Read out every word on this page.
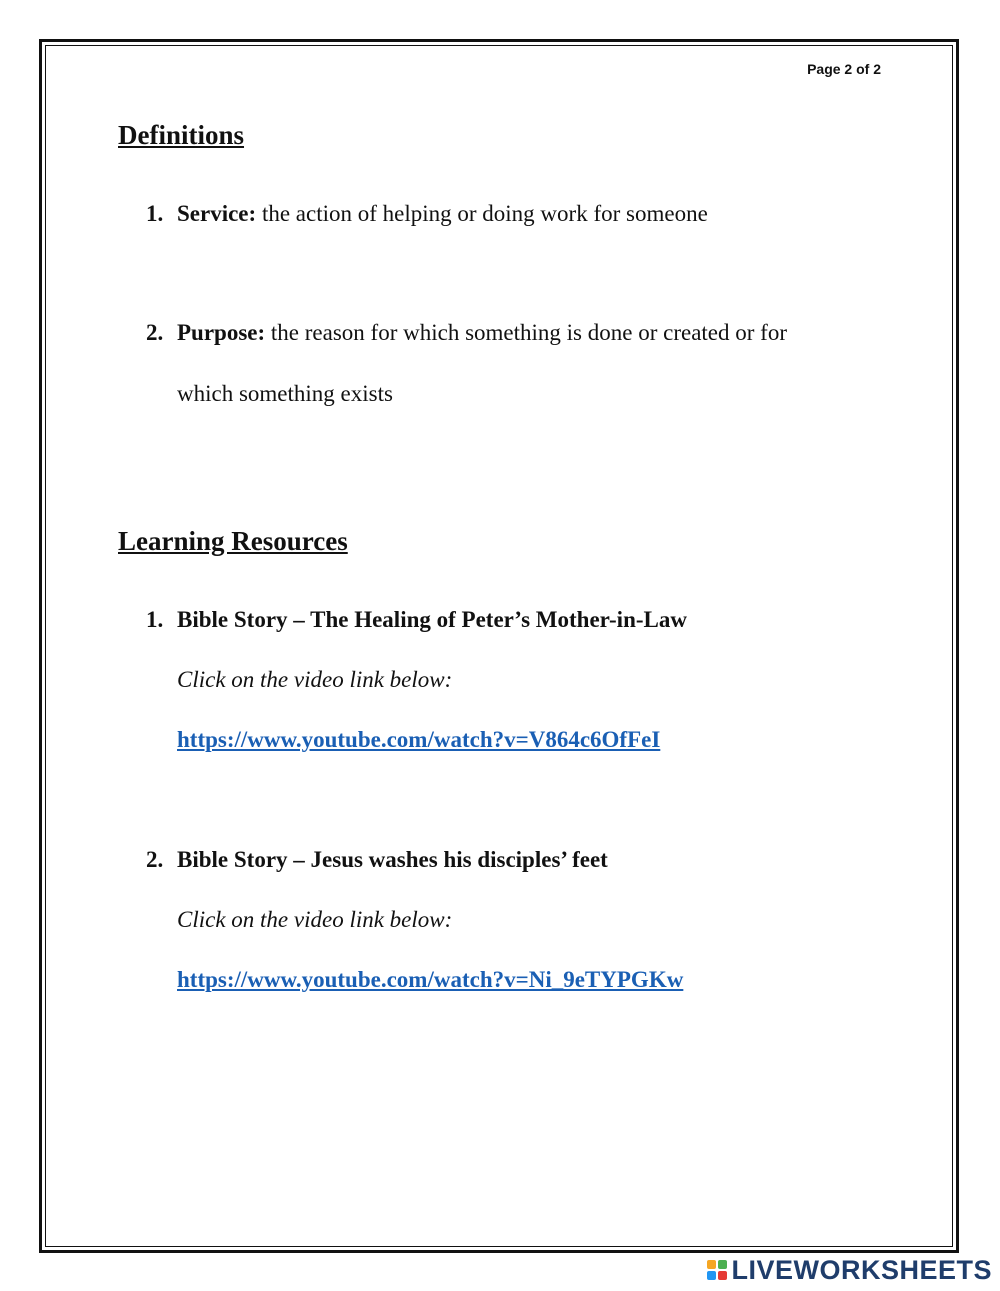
Page 2 of 2
Definitions
1. Service: the action of helping or doing work for someone
2. Purpose: the reason for which something is done or created or for
which something exists
Learning Resources
1. Bible Story – The Healing of Peter’s Mother-in-Law
Click on the video link below:
https://www.youtube.com/watch?v=V864c6OfFeI
2. Bible Story – Jesus washes his disciples’ feet
Click on the video link below:
https://www.youtube.com/watch?v=Ni_9eTYPGKw
LIVEWORKSHEETS
